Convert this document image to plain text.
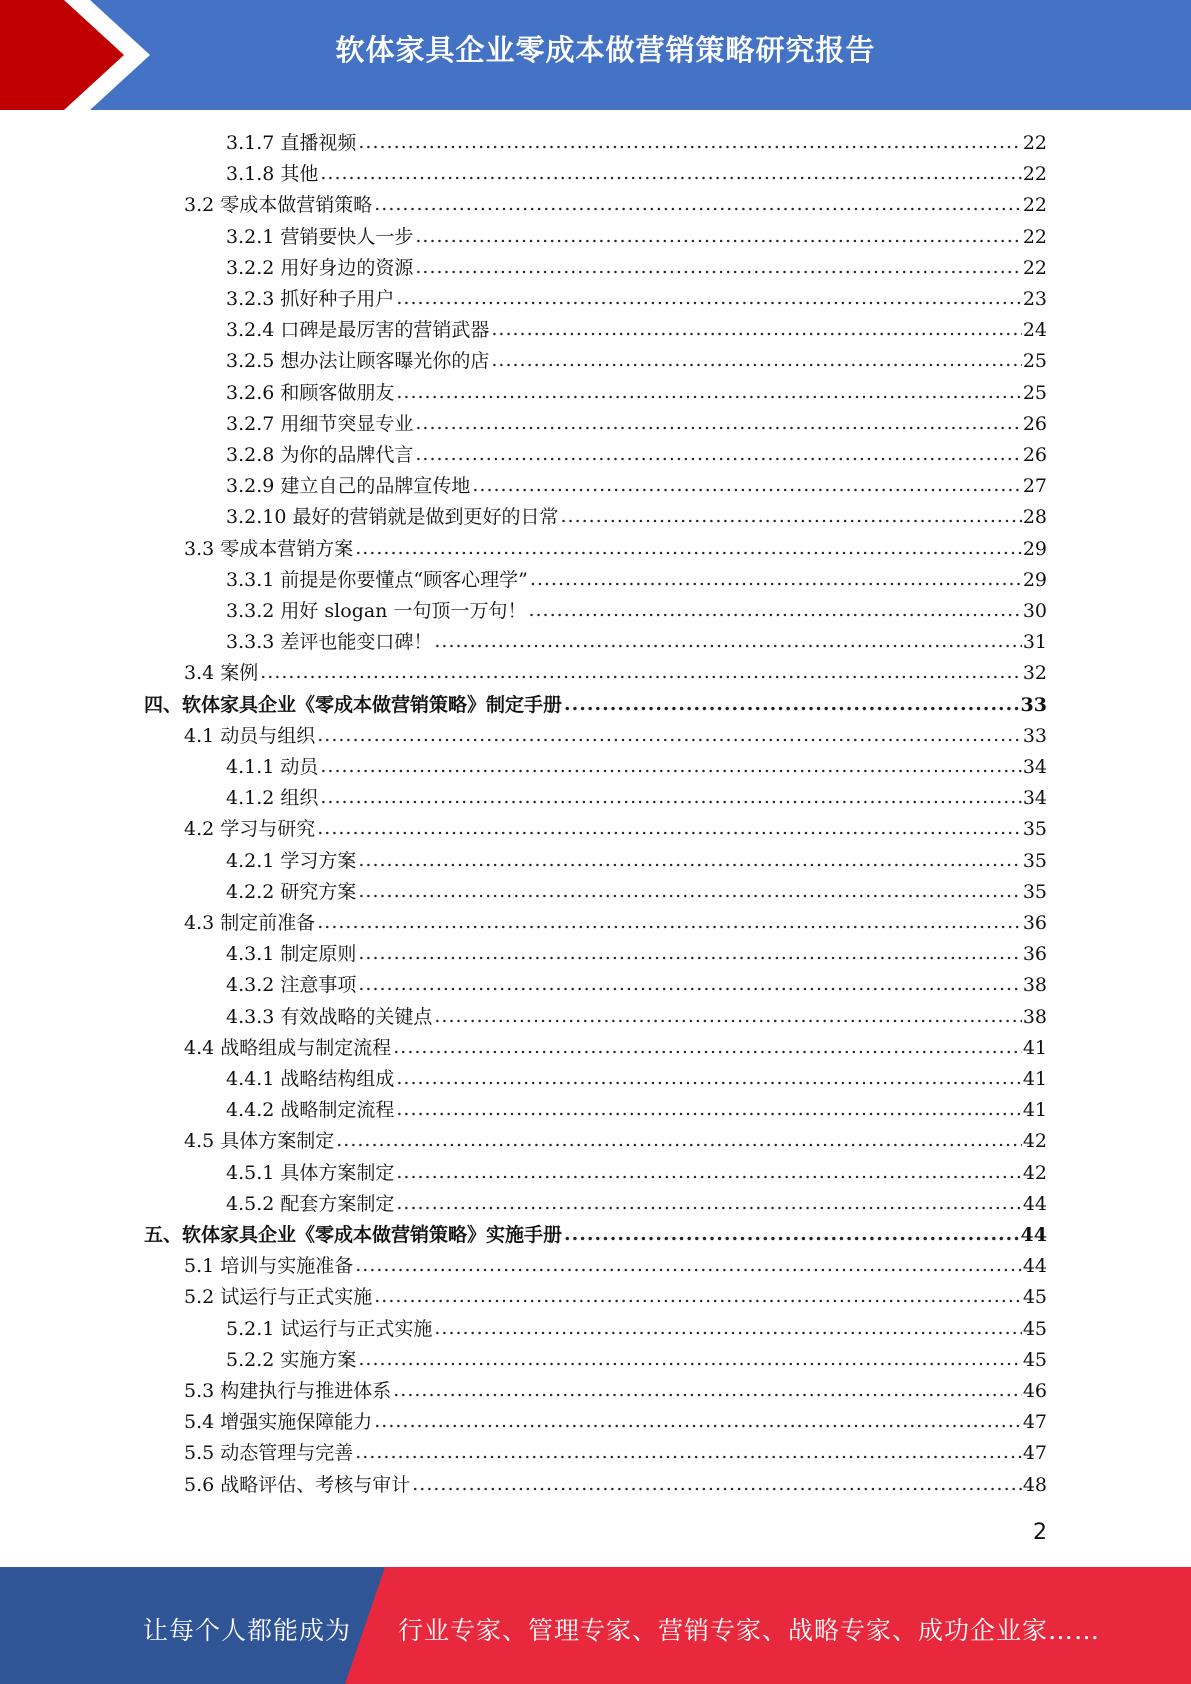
软体家具企业零成本做营销策略研究报告
3.1.7 直播视频 .....	22
3.1.8 其他 .....	22
3.2 零成本做营销策略 .....	22
3.2.1 营销要快人一步 .....	22
3.2.2 用好身边的资源 .....	22
3.2.3 抓好种子用户 .....	23
3.2.4 口碑是最厉害的营销武器 .....	24
3.2.5 想办法让顾客曝光你的店 .....	25
3.2.6 和顾客做朋友 .....	25
3.2.7 用细节突显专业 .....	26
3.2.8 为你的品牌代言 .....	26
3.2.9 建立自己的品牌宣传地 .....	27
3.2.10 最好的营销就是做到更好的日常 .....	28
3.3 零成本营销方案 .....	29
3.3.1 前提是你要懂点“顾客心理学” .....	29
3.3.2 用好 slogan 一句顶一万句！ .....	30
3.3.3 差评也能变口碑！ .....	31
3.4 案例 .....	32
四、软体家具企业《零成本做营销策略》制定手册 .....	33
4.1 动员与组织 .....	33
4.1.1 动员 .....	34
4.1.2 组织 .....	34
4.2 学习与研究 .....	35
4.2.1 学习方案 .....	35
4.2.2 研究方案 .....	35
4.3 制定前准备 .....	36
4.3.1 制定原则 .....	36
4.3.2 注意事项 .....	38
4.3.3 有效战略的关键点 .....	38
4.4 战略组成与制定流程 .....	41
4.4.1 战略结构组成 .....	41
4.4.2 战略制定流程 .....	41
4.5 具体方案制定 .....	42
4.5.1 具体方案制定 .....	42
4.5.2 配套方案制定 .....	44
五、软体家具企业《零成本做营销策略》实施手册 .....	44
5.1 培训与实施准备 .....	44
5.2 试运行与正式实施 .....	45
5.2.1 试运行与正式实施 .....	45
5.2.2 实施方案 .....	45
5.3 构建执行与推进体系 .....	46
5.4 增强实施保障能力 .....	47
5.5 动态管理与完善 .....	47
5.6 战略评估、考核与审计 .....	48
2
让每个人都能成为 行业专家、管理专家、营销专家、战略专家、成功企业家……
